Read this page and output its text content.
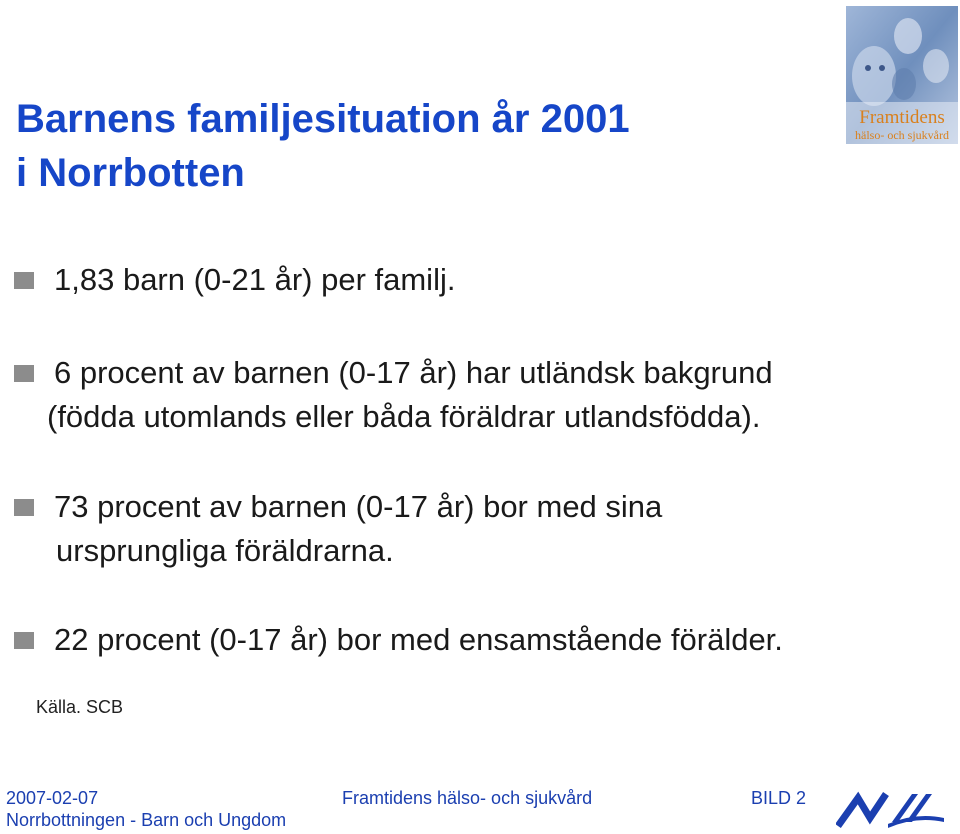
Barnens familjesituation år 2001
i Norrbotten
Framtidens
hälso- och sjukvård
1,83 barn (0-21 år) per familj.
6 procent av barnen (0-17 år) har utländsk bakgrund
(födda utomlands eller båda föräldrar utlandsfödda).
73 procent av barnen (0-17 år) bor med sina
ursprungliga föräldrarna.
22 procent (0-17 år) bor med ensamstående förälder.
Källa. SCB
2007-02-07
Norrbottningen - Barn och Ungdom
Framtidens hälso- och sjukvård	BILD 2
